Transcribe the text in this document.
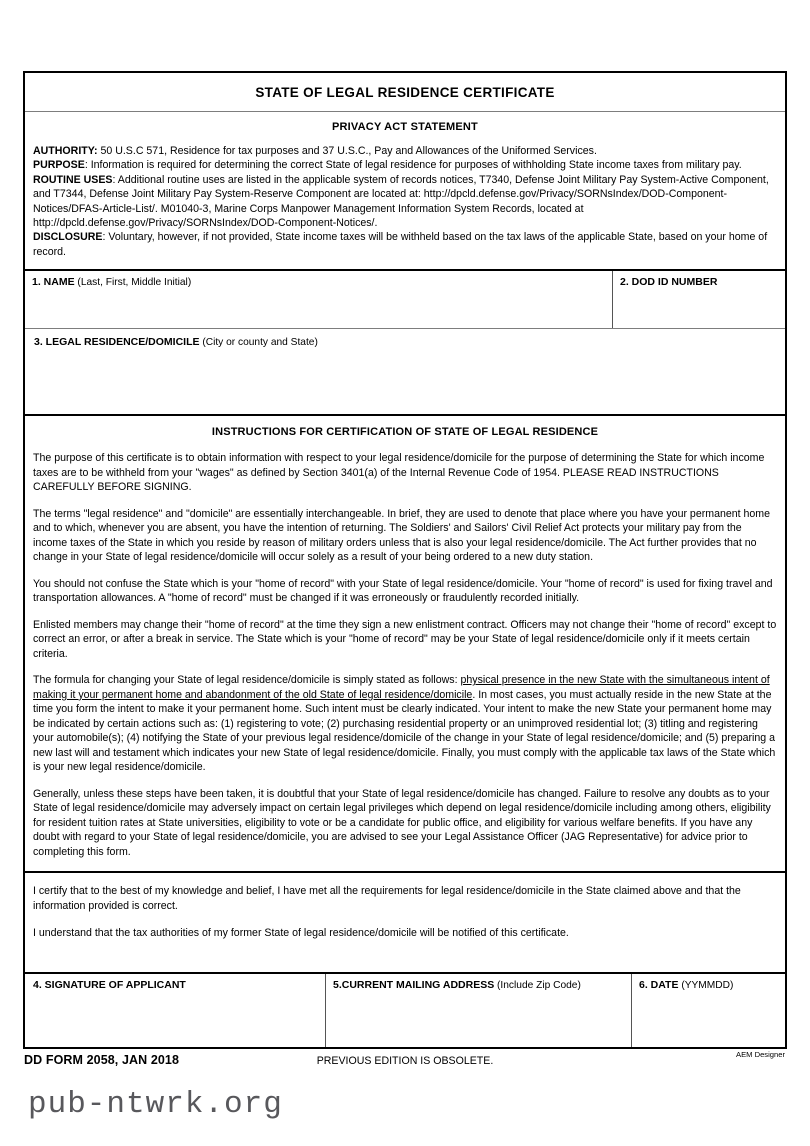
STATE OF LEGAL RESIDENCE CERTIFICATE
PRIVACY ACT STATEMENT
AUTHORITY: 50 U.S.C 571, Residence for tax purposes and 37 U.S.C., Pay and Allowances of the Uniformed Services.
PURPOSE: Information is required for determining the correct State of legal residence for purposes of withholding State income taxes from military pay.
ROUTINE USES: Additional routine uses are listed in the applicable system of records notices, T7340, Defense Joint Military Pay System-Active Component, and T7344, Defense Joint Military Pay System-Reserve Component are located at: http://dpcld.defense.gov/Privacy/SORNsIndex/DOD-Component-Notices/DFAS-Article-List/. M01040-3, Marine Corps Manpower Management Information System Records, located at http://dpcld.defense.gov/Privacy/SORNsIndex/DOD-Component-Notices/.
DISCLOSURE: Voluntary, however, if not provided, State income taxes will be withheld based on the tax laws of the applicable State, based on your home of record.
1. NAME (Last, First, Middle Initial)	2. DOD ID NUMBER
3. LEGAL RESIDENCE/DOMICILE (City or county and State)
INSTRUCTIONS FOR CERTIFICATION OF STATE OF LEGAL RESIDENCE

The purpose of this certificate is to obtain information with respect to your legal residence/domicile for the purpose of determining the State for which income taxes are to be withheld from your "wages" as defined by Section 3401(a) of the Internal Revenue Code of 1954. PLEASE READ INSTRUCTIONS CAREFULLY BEFORE SIGNING.

The terms "legal residence" and "domicile" are essentially interchangeable. In brief, they are used to denote that place where you have your permanent home and to which, whenever you are absent, you have the intention of returning. The Soldiers' and Sailors' Civil Relief Act protects your military pay from the income taxes of the State in which you reside by reason of military orders unless that is also your legal residence/domicile. The Act further provides that no change in your State of legal residence/domicile will occur solely as a result of your being ordered to a new duty station.

You should not confuse the State which is your "home of record" with your State of legal residence/domicile. Your "home of record" is used for fixing travel and transportation allowances. A "home of record" must be changed if it was erroneously or fraudulently recorded initially.

Enlisted members may change their "home of record" at the time they sign a new enlistment contract. Officers may not change their "home of record" except to correct an error, or after a break in service. The State which is your "home of record" may be your State of legal residence/domicile only if it meets certain criteria.

The formula for changing your State of legal residence/domicile is simply stated as follows: physical presence in the new State with the simultaneous intent of making it your permanent home and abandonment of the old State of legal residence/domicile. In most cases, you must actually reside in the new State at the time you form the intent to make it your permanent home. Such intent must be clearly indicated. Your intent to make the new State your permanent home may be indicated by certain actions such as: (1) registering to vote; (2) purchasing residential property or an unimproved residential lot; (3) titling and registering your automobile(s); (4) notifying the State of your previous legal residence/domicile of the change in your State of legal residence/domicile; and (5) preparing a new last will and testament which indicates your new State of legal residence/domicile. Finally, you must comply with the applicable tax laws of the State which is your new legal residence/domicile.

Generally, unless these steps have been taken, it is doubtful that your State of legal residence/domicile has changed. Failure to resolve any doubts as to your State of legal residence/domicile may adversely impact on certain legal privileges which depend on legal residence/domicile including among others, eligibility for resident tuition rates at State universities, eligibility to vote or be a candidate for public office, and eligibility for various welfare benefits. If you have any doubt with regard to your State of legal residence/domicile, you are advised to see your Legal Assistance Officer (JAG Representative) for advice prior to completing this form.

I certify that to the best of my knowledge and belief, I have met all the requirements for legal residence/domicile in the State claimed above and that the information provided is correct.

I understand that the tax authorities of my former State of legal residence/domicile will be notified of this certificate.

4. SIGNATURE OF APPLICANT	5.CURRENT MAILING ADDRESS (Include Zip Code)	6. DATE (YYMMDD)
DD FORM 2058, JAN 2018	PREVIOUS EDITION IS OBSOLETE.
AEM Designer
pub-ntwrk.org
